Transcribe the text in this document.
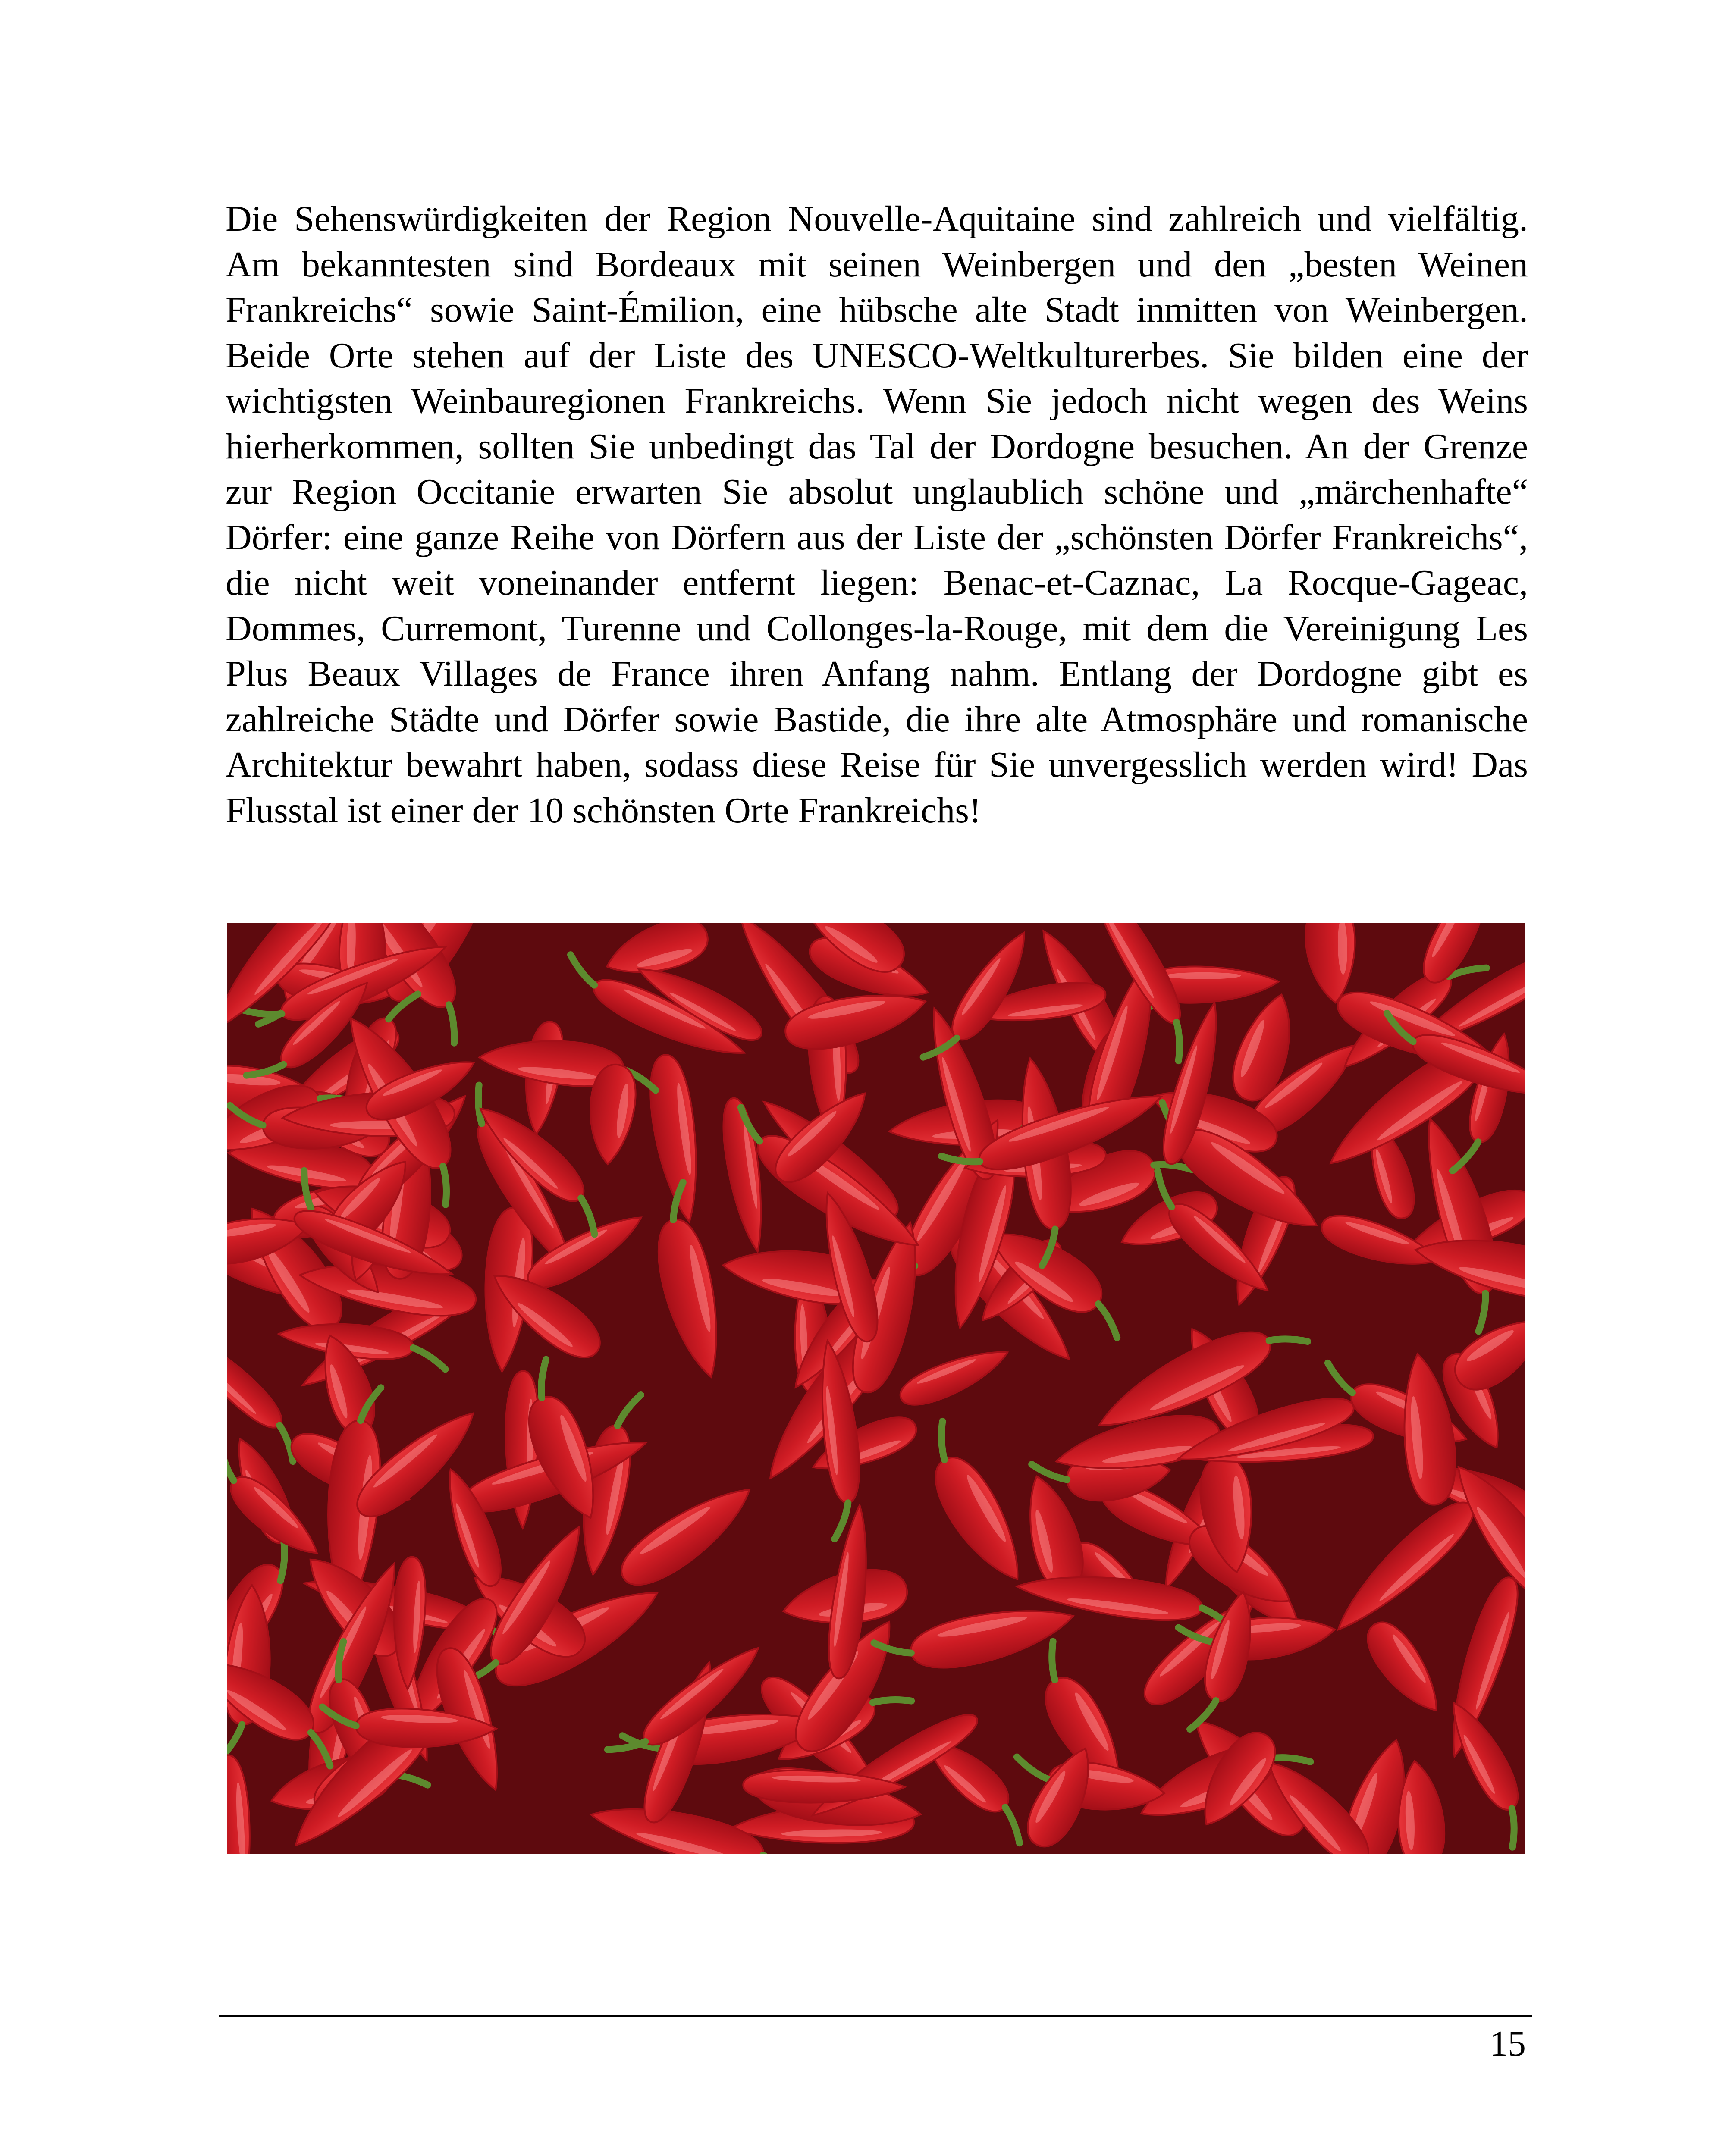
Die Sehenswürdigkeiten der Region Nouvelle-Aquitaine sind zahlreich und vielfältig. Am bekanntesten sind Bordeaux mit seinen Weinbergen und den „besten Weinen Frankreichs“ sowie Saint-Émilion, eine hübsche alte Stadt inmitten von Weinbergen. Beide Orte stehen auf der Liste des UNESCO-Weltkulturerbes. Sie bilden eine der wichtigsten Weinbauregionen Frankreichs. Wenn Sie jedoch nicht wegen des Weins hierherkommen, sollten Sie unbedingt das Tal der Dordogne besuchen. An der Grenze zur Region Occitanie erwarten Sie absolut unglaublich schöne und „märchenhafte“ Dörfer: eine ganze Reihe von Dörfern aus der Liste der „schönsten Dörfer Frankreichs“, die nicht weit voneinander entfernt liegen: Benac-et-Caznac, La Rocque-Gageac, Dommes, Curremont, Turenne und Collonges-la-Rouge, mit dem die Vereinigung Les Plus Beaux Villages de France ihren Anfang nahm. Entlang der Dordogne gibt es zahlreiche Städte und Dörfer sowie Bastide, die ihre alte Atmosphäre und romanische Architektur bewahrt haben, sodass diese Reise für Sie unvergesslich werden wird! Das Flusstal ist einer der 10 schönsten Orte Frankreichs!

15
